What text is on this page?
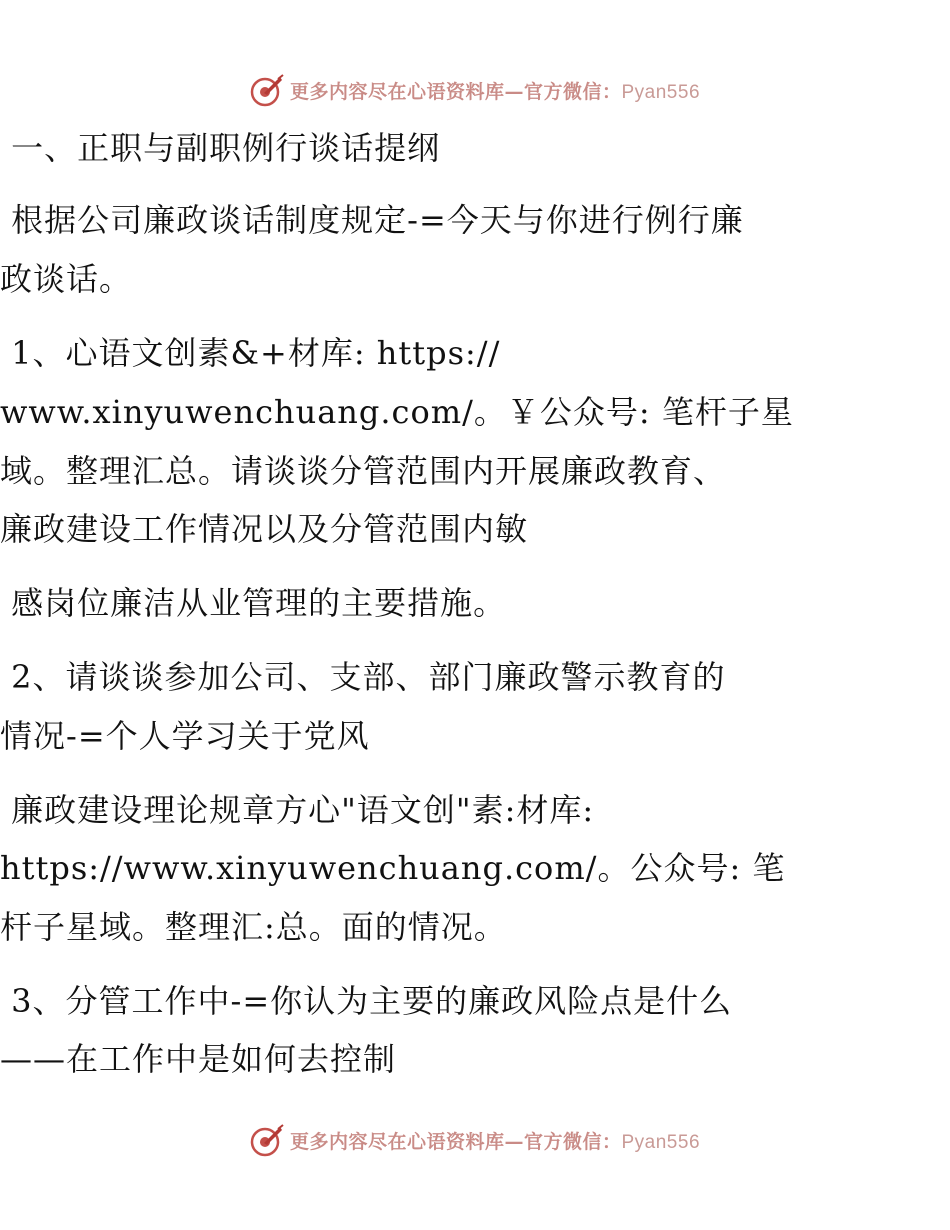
更多内容尽在心语资料库—官方微信：Pyan556
一、正职与副职例行谈话提纲
根据公司廉政谈话制度规定-=今天与你进行例行廉
政谈话。
1、心语文创素&+材库: https://
www.xinyuwenchuang.com/。￥公众号: 笔杆子星
域。整理汇总。请谈谈分管范围内开展廉政教育、
廉政建设工作情况以及分管范围内敏
感岗位廉洁从业管理的主要措施。
2、请谈谈参加公司、支部、部门廉政警示教育的
情况-=个人学习关于党风
廉政建设理论规章方心"语文创"素:材库:
https://www.xinyuwenchuang.com/。公众号: 笔
杆子星域。整理汇:总。面的情况。
3、分管工作中-=你认为主要的廉政风险点是什么
——在工作中是如何去控制
更多内容尽在心语资料库—官方微信：Pyan556
